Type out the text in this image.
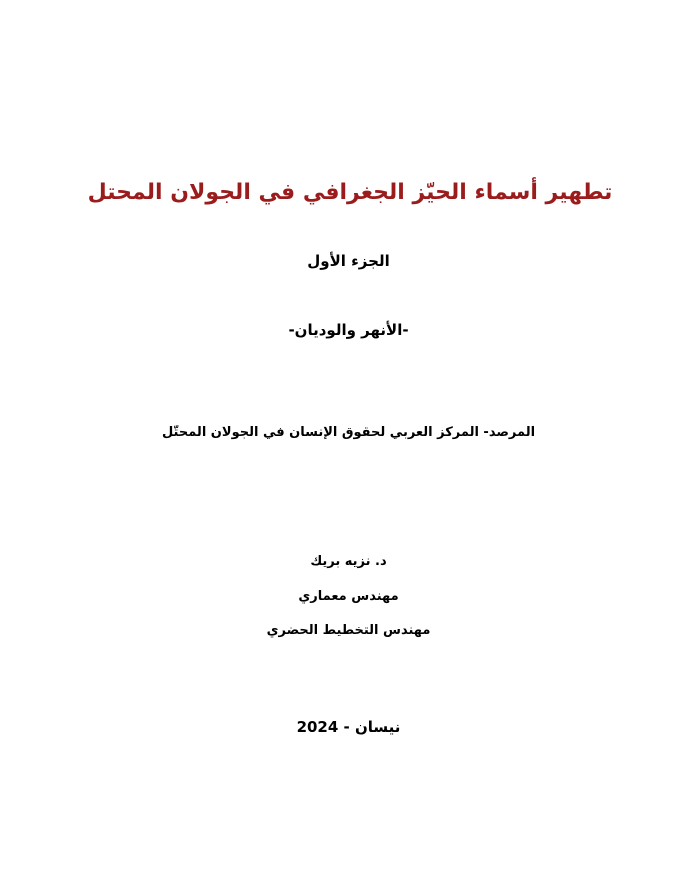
تطهير أسماء الحيّز الجغرافي في الجولان المحتل
الجزء الأول
-الأنهر والوديان-
المرصد- المركز العربي لحقوق الإنسان في الجولان المحتّل
د. نزيه بريك
مهندس معماري
مهندس التخطيط الحضري
نيسان - 2024
